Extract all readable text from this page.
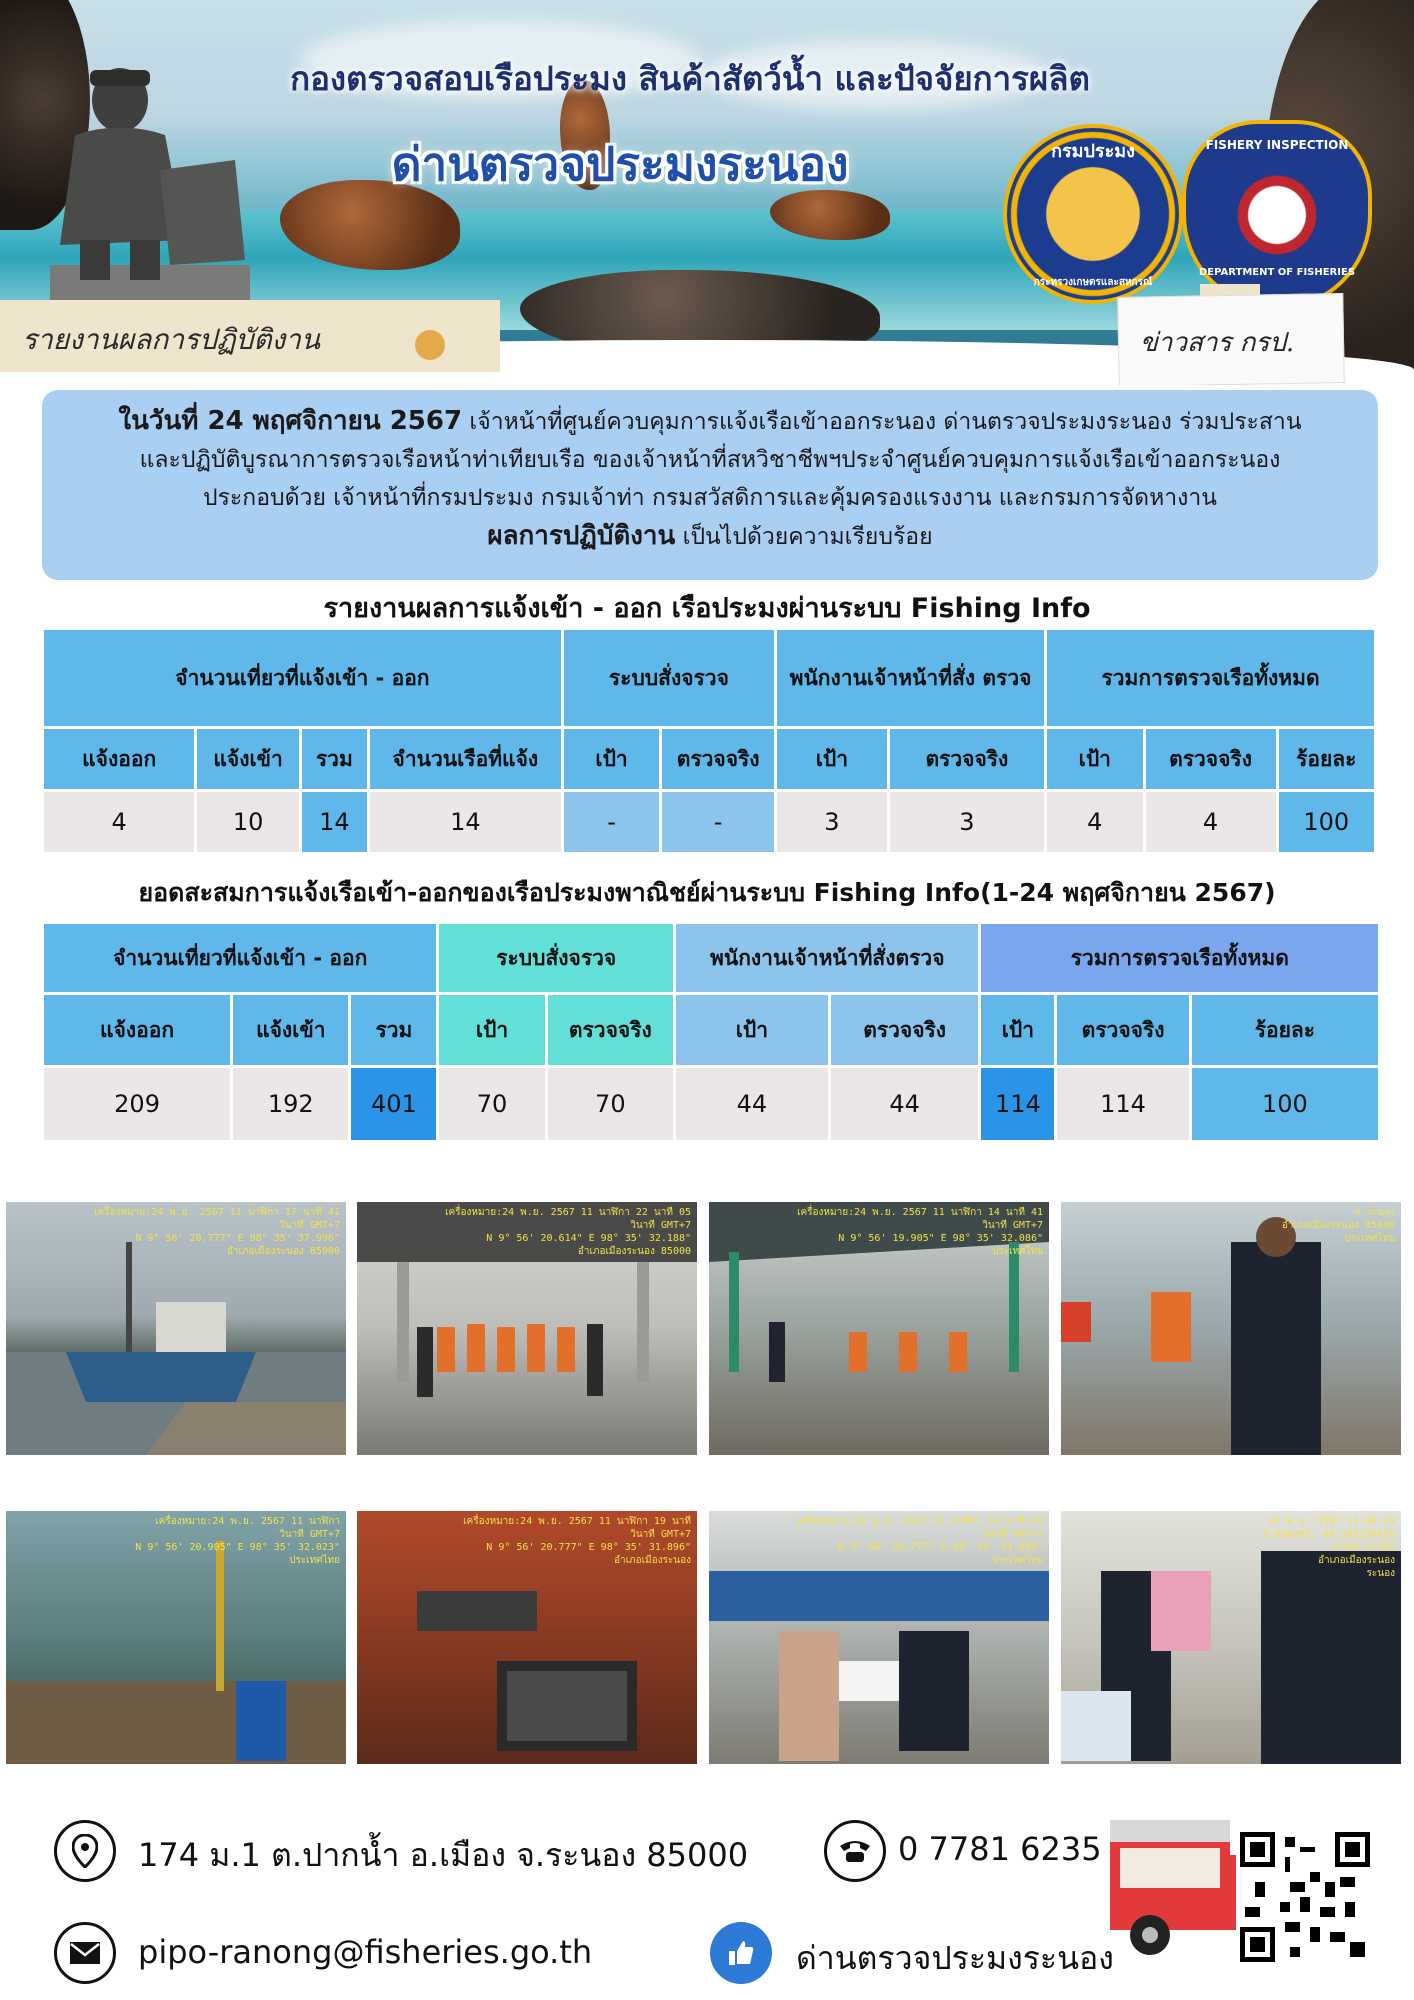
กองตรวจสอบเรือประมง สินค้าสัตว์น้ำ และปัจจัยการผลิต
ด่านตรวจประมงระนอง	กรมประมง
กระทรวงเกษตรและสหกรณ์
FISHERY INSPECTION
DEPARTMENT OF FISHERIES
รายงานผลการปฏิบัติงาน	ข่าวสาร กรป.
ในวันที่ 24 พฤศจิกายน 2567 เจ้าหน้าที่ศูนย์ควบคุมการแจ้งเรือเข้าออกระนอง ด่านตรวจประมงระนอง ร่วมประสาน
และปฏิบัติบูรณาการตรวจเรือหน้าท่าเทียบเรือ ของเจ้าหน้าที่สหวิชาชีพฯประจำศูนย์ควบคุมการแจ้งเรือเข้าออกระนอง
ประกอบด้วย เจ้าหน้าที่กรมประมง กรมเจ้าท่า กรมสวัสดิการและคุ้มครองแรงงาน และกรมการจัดหางาน
ผลการปฏิบัติงาน เป็นไปด้วยความเรียบร้อย
รายงานผลการแจ้งเข้า - ออก เรือประมงผ่านระบบ Fishing Info
จำนวนเที่ยวที่แจ้งเข้า - ออก				ระบบสั่งจรวจ		พนักงานเจ้าหน้าที่สั่ง ตรวจ		รวมการตรวจเรือทั้งหมด		
แจ้งออก	แจ้งเข้า	รวม	จำนวนเรือที่แจ้ง	เป้า	ตรวจจริง	เป้า	ตรวจจริง	เป้า	ตรวจจริง	ร้อยละ
4	10	14	14	-	-	3	3	4	4	100
ยอดสะสมการแจ้งเรือเข้า-ออกของเรือประมงพาณิชย์ผ่านระบบ Fishing Info(1-24 พฤศจิกายน 2567)
จำนวนเที่ยวที่แจ้งเข้า - ออก			ระบบสั่งจรวจ		พนักงานเจ้าหน้าที่สั่งตรวจ		รวมการตรวจเรือทั้งหมด		
แจ้งออก	แจ้งเข้า	รวม	เป้า	ตรวจจริง	เป้า	ตรวจจริง	เป้า	ตรวจจริง	ร้อยละ
209	192	401	70	70	44	44	114	114	100
เครื่องหมาย:24 พ.ย. 2567 11 นาฬิกา 17 นาที 41
วินาที GMT+7
N 9° 56' 20.777" E 98° 35' 37.996"
อำเภอเมืองระนอง 85000
เครื่องหมาย:24 พ.ย. 2567 11 นาฬิกา 22 นาที 05
วินาที GMT+7
N 9° 56' 20.614" E 98° 35' 32.188"
อำเภอเมืองระนอง 85000
เครื่องหมาย:24 พ.ย. 2567 11 นาฬิกา 14 นาที 41
วินาที GMT+7
N 9° 56' 19.905" E 98° 35' 32.086"
ประเทศไทย
จ.ระนอง
อำเภอเมืองระนอง 85000
ประเทศไทย
เครื่องหมาย:24 พ.ย. 2567 11 นาฬิกา
วินาที GMT+7
N 9° 56' 20.905" E 98° 35' 32.023"
ประเทศไทย
เครื่องหมาย:24 พ.ย. 2567 11 นาฬิกา 19 นาที
วินาที GMT+7
N 9° 56' 20.777" E 98° 35' 31.896"
อำเภอเมืองระนอง
เครื่องหมาย:24 พ.ย. 2567 11 นาฬิกา 19 นาที 01
วินาที GMT+7
N 9° 56' 20.777" E 98° 35' 31.896"
ประเทศไทย
24 พ.ย. 2567 11:40:29
9.938782, 98.59233087E
ตำบล ปากน้ำ
อำเภอเมืองระนอง
ระนอง
174 ม.1 ต.ปากน้ำ อ.เมือง จ.ระนอง 85000	0 7781 6235
pipo-ranong@fisheries.go.th	ด่านตรวจประมงระนอง
